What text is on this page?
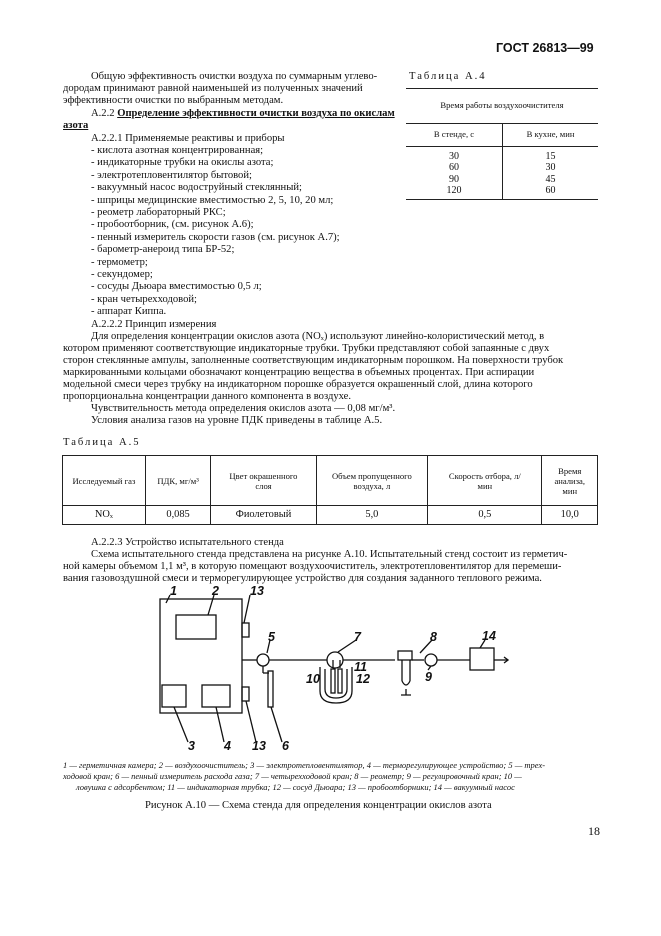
ГОСТ 26813—99
Общую эффективность очистки воздуха по суммарным углево-
дородам принимают равной наименьшей из полученных значений
эффективности очистки по выбранным методам.
А.2.2 Определение эффективности очистки воздуха по окислам
азота
А.2.2.1 Применяемые реактивы и приборы
- кислота азотная концентрированная;
- индикаторные трубки на окислы азота;
- электротепловентилятор бытовой;
- вакуумный насос водоструйный стеклянный;
- шприцы медицинские вместимостью 2, 5, 10, 20 мл;
- реометр лабораторный РКС;
- пробоотборник, (см. рисунок А.6);
- пенный измеритель скорости газов (см. рисунок А.7);
- барометр-анероид типа БР-52;
- термометр;
- секундомер;
- сосуды Дьюара вместимостью 0,5 л;
- кран четырехходовой;
- аппарат Киппа.
А.2.2.2 Принцип измерения
Для определения концентрации окислов азота (NOₓ) используют линейно-колористический метод, в
котором применяют соответствующие индикаторные трубки. Трубки представляют собой запаянные с двух
сторон стеклянные ампулы, заполненные соответствующим индикаторным порошком. На поверхности трубок
маркированными кольцами обозначают концентрацию вещества в объемных процентах. При аспирации
модельной смеси через трубку на индикаторном порошке образуется окрашенный слой, длина которого
пропорциональна концентрации данного компонента в воздухе.
Чувствительность метода определения окислов азота — 0,08 мг/м³.
Условия анализа газов на уровне ПДК приведены в таблице А.5.
Таблица А.4
Время работы воздухоочистителя	
В стенде, с	В кухне, мин
30	15
60	30
90	45
120	60
Таблица А.5
Исследуемый газ	ПДК, мг/м³	Цвет окрашенного слоя	Объем пропущенного воздуха, л	Скорость отбора, л/мин	Время анализа, мин
NOₓ	0,085	Фиолетовый	5,0	0,5	10,0
А.2.2.3 Устройство испытательного стенда
Схема испытательного стенда представлена на рисунке А.10. Испытательный стенд состоит из герметич-
ной камеры объемом 1,1 м³, в которую помещают воздухоочиститель, электротепловентилятор для перемеши-
вания газовоздушной смеси и терморегулирующее устройство для создания заданного теплового режима.
1	2 13
5	7	8
11
10	12	9
14
3 4 13 6
1 — герметичная камера; 2 — воздухоочиститель; 3 — электротепловентилятор, 4 — терморегулирующее устройство; 5 — трех-
ходовой кран; 6 — пенный измеритель расхода газа; 7 — четырехходовой кран; 8 — реометр; 9 — регулировочный кран; 10 —
ловушка с адсорбентом; 11 — индикаторная трубка; 12 — сосуд Дьюара; 13 — пробоотборники; 14 — вакуумный насос
Рисунок А.10 — Схема стенда для определения концентрации окислов азота
18
